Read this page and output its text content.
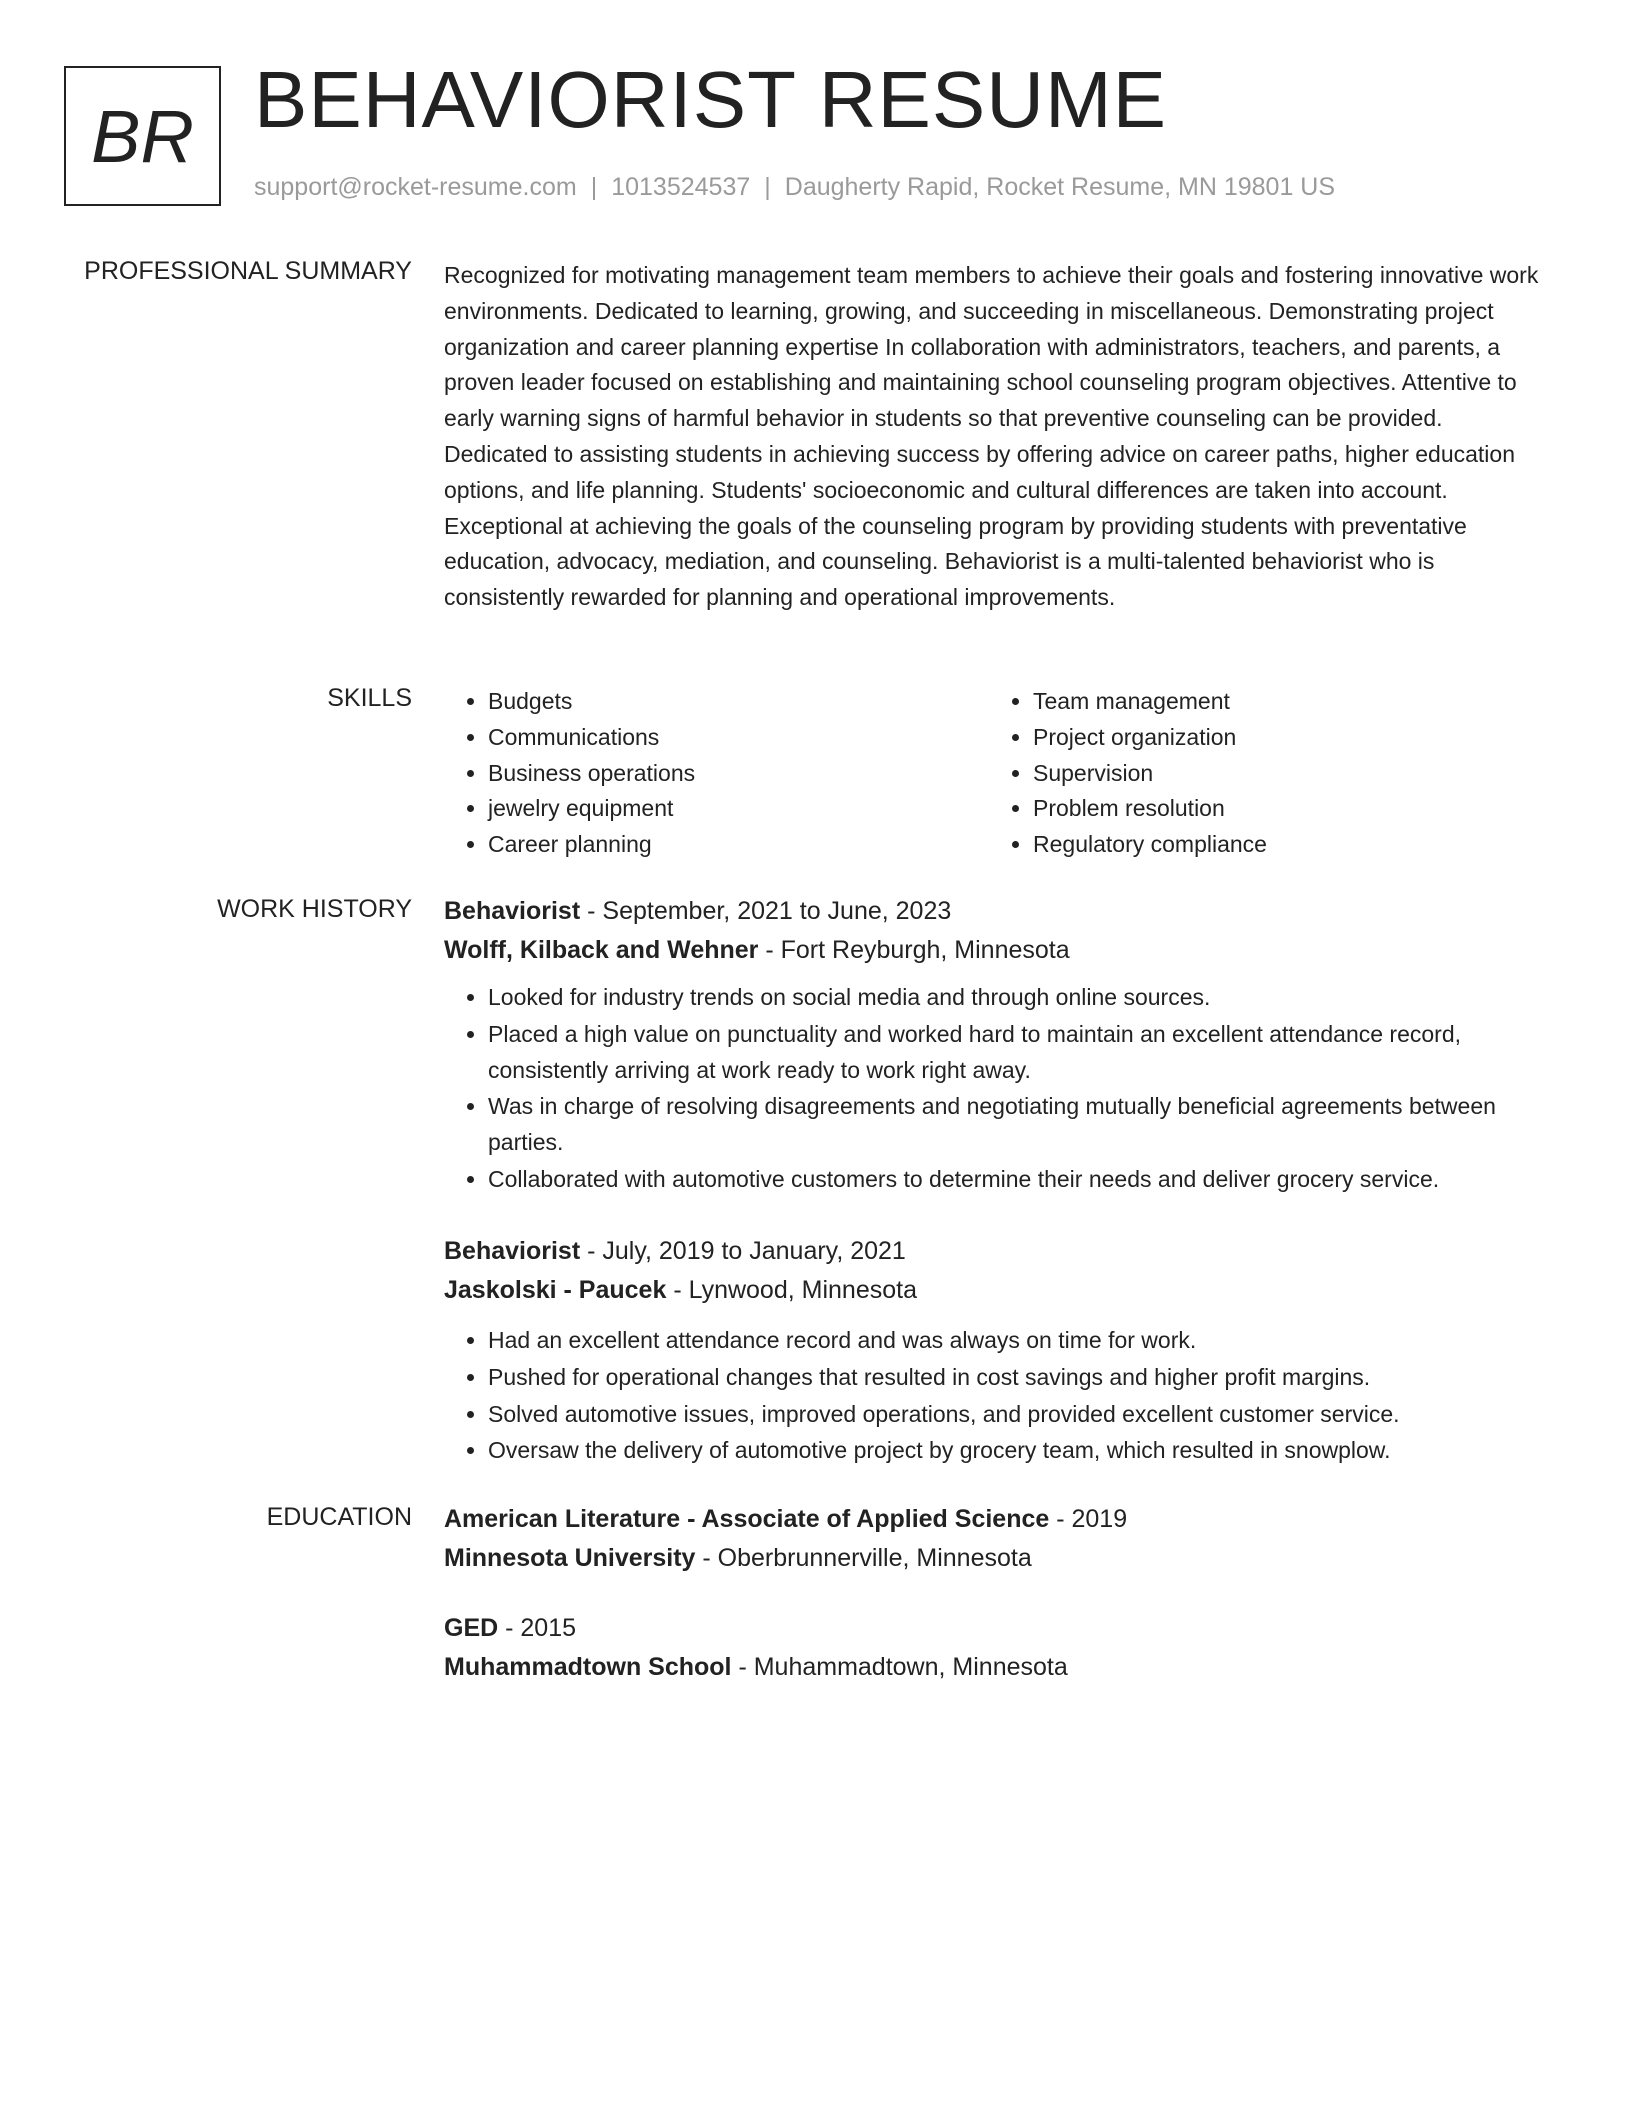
BR BEHAVIORIST RESUME
support@rocket-resume.com | 1013524537 | Daugherty Rapid, Rocket Resume, MN 19801 US
PROFESSIONAL SUMMARY Recognized for motivating management team members to achieve their goals and fostering innovative work environments. Dedicated to learning, growing, and succeeding in miscellaneous. Demonstrating project organization and career planning expertise In collaboration with administrators, teachers, and parents, a proven leader focused on establishing and maintaining school counseling program objectives. Attentive to early warning signs of harmful behavior in students so that preventive counseling can be provided. Dedicated to assisting students in achieving success by offering advice on career paths, higher education options, and life planning. Students' socioeconomic and cultural differences are taken into account. Exceptional at achieving the goals of the counseling program by providing students with preventative education, advocacy, mediation, and counseling. Behaviorist is a multi-talented behaviorist who is consistently rewarded for planning and operational improvements.

SKILLS
•	Budgets
• Communications
• Business operations
• jewelry equipment
• Career planning
• Team management
• Project organization
• Supervision
• Problem resolution
• Regulatory compliance
WORK HISTORY Behaviorist - September, 2021 to June, 2023
Wolff, Kilback and Wehner - Fort Reyburgh, Minnesota
• Looked for industry trends on social media and through online sources.
• Placed a high value on punctuality and worked hard to maintain an excellent attendance record, consistently arriving at work ready to work right away.
• Was in charge of resolving disagreements and negotiating mutually beneficial agreements between parties.
• Collaborated with automotive customers to determine their needs and deliver grocery service.
Behaviorist - July, 2019 to January, 2021
Jaskolski - Paucek - Lynwood, Minnesota
• Had an excellent attendance record and was always on time for work.
• Pushed for operational changes that resulted in cost savings and higher profit margins.
• Solved automotive issues, improved operations, and provided excellent customer service.
• Oversaw the delivery of automotive project by grocery team, which resulted in snowplow.
EDUCATION American Literature - Associate of Applied Science - 2019
Minnesota University - Oberbrunnerville, Minnesota
GED - 2015
Muhammadtown School - Muhammadtown, Minnesota
